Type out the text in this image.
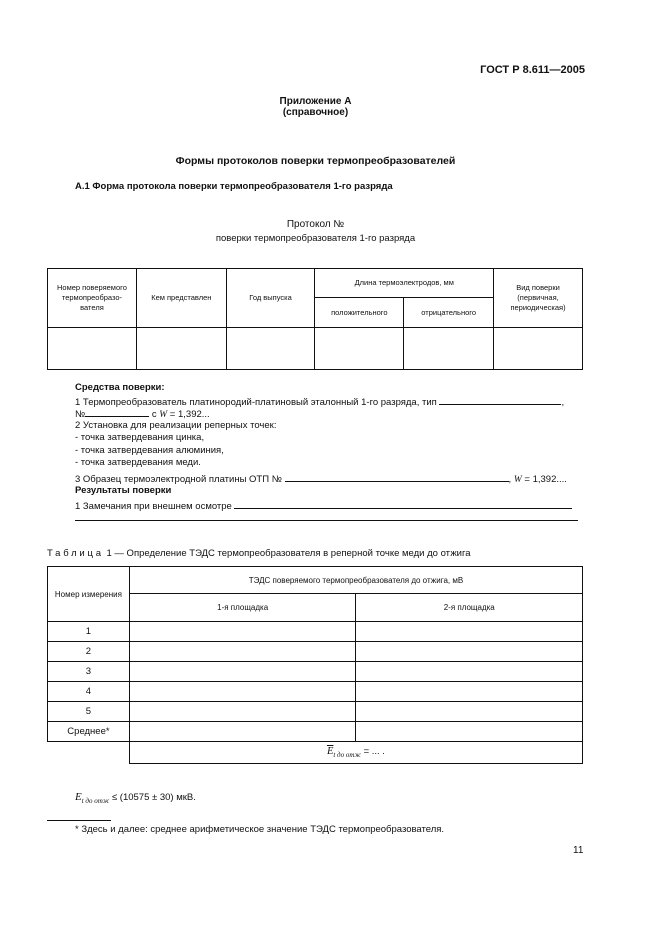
ГОСТ Р 8.611—2005
Приложение А
(справочное)
Формы протоколов поверки термопреобразователей
А.1 Форма протокола поверки термопреобразователя 1-го разряда
Протокол №
поверки термопреобразователя 1-го разряда
Номер поверяемого термопреобразо-вателя	Кем представлен	Год выпуска	Длина термоэлектродов, мм		Вид поверки (первичная, периодическая)
			положительного	отрицательного	

Средства поверки:
1 Термопреобразователь платинородий-платиновый эталонный 1-го разряда, тип	,
№	с W = 1,392...
2 Установка для реализации реперных точек:
- точка затвердевания цинка,
- точка затвердевания алюминия,
- точка затвердевания меди.
3 Образец термоэлектродной платины ОТП №	, W = 1,392....
Результаты поверки
1 Замечания при внешнем осмотре
Таблица 1 — Определение ТЭДС термопреобразователя в реперной точке меди до отжига
Номер измерения	ТЭДС поверяемого термопреобразователя до отжига, мВ	
	1-я площадка	2-я площадка
1		
2		
3		
4		
5		
Среднее*		
	$\overline{E}_{t до отж}$ = ... .	
$E_{t до отж} \le (10575 \pm 30)$ мкВ.
* Здесь и далее: среднее арифметическое значение ТЭДС термопреобразователя.
11
